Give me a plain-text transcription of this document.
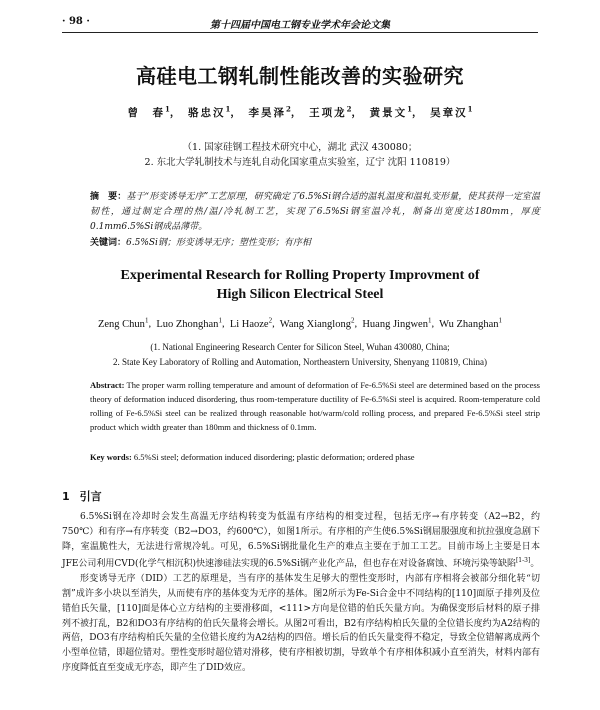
· 98 ·	第十四届中国电工钢专业学术年会论文集
高硅电工钢轧制性能改善的实验研究
曾　春$^1$， 骆忠汉$^1$， 李昊泽$^2$， 王项龙$^2$， 黄景文$^1$， 吴章汉$^1$
（1. 国家硅钢工程技术研究中心，湖北 武汉 430080；
2. 东北大学轧制技术与连轧自动化国家重点实验室，辽宁 沈阳 110819）
摘　要：基于“形变诱导无序”工艺原理，研究确定了6.5%Si钢合适的温轧温度和温轧变形量，使其获得一定室温韧性，通过制定合理的热/温/冷轧制工艺，实现了6.5%Si钢室温冷轧，制备出宽度达180mm，厚度0.1mm6.5%Si钢成品薄带。
关键词：6.5%Si钢；形变诱导无序；塑性变形；有序相
Experimental Research for Rolling Property Improvment of
High Silicon Electrical Steel
Zeng Chun$^1$,  Luo Zhonghan$^1$,  Li Haoze$^2$,  Wang Xianglong$^2$,  Huang Jingwen$^1$,  Wu Zhanghan$^1$
(1. National Engineering Research Center for Silicon Steel, Wuhan 430080, China;
2. State Key Laboratory of Rolling and Automation, Northeastern University, Shenyang 110819, China)
Abstract: The proper warm rolling temperature and amount of deformation of Fe-6.5%Si steel are determined based on the process theory of deformation induced disordering, thus room-temperature ductility of Fe-6.5%Si steel is acquired. Room-temperature cold rolling of Fe-6.5%Si steel can be realized through reasonable hot/warm/cold rolling process, and prepared Fe-6.5%Si steel strip product which width greater than 180mm and thickness of 0.1mm.
Key words: 6.5%Si steel; deformation induced disordering; plastic deformation; ordered phase
1 引言

6.5%Si钢在冷却时会发生高温无序结构转变为低温有序结构的相变过程，包括无序→有序转变（A2→B2，约750℃）和有序→有序转变（B2→DO3，约600℃），如图1所示。有序相的产生使6.5%Si钢屈服强度和抗拉强度急剧下降，室温脆性大，无法进行常规冷轧。可见，6.5%Si钢批量化生产的难点主要在于加工工艺。目前市场上主要是日本JFE公司利用CVD(化学气相沉积)快速渗硅法实现的6.5%Si钢产业化产品，但也存在对设备腐蚀、环境污染等缺陷[1-3]。

形变诱导无序（DID）工艺的原理是，当有序的基体发生足够大的塑性变形时，内部有序相将会被部分细化转“切割”成许多小块以至消失，从而使有序的基体变为无序的基体。图2所示为Fe-Si合金中不同结构的[110]面原子排列及位错伯氏矢量，[110]面是体心立方结构的主要滑移面，<111>方向是位错的伯氏矢量方向。为确保变形后材料的原子排列不被打乱，B2和DO3有序结构的伯氏矢量将会增长。从图2可看出，B2有序结构柏氏矢量的全位错长度约为A2结构的两倍，DO3有序结构柏氏矢量的全位错长度约为A2结构的四倍。增长后的伯氏矢量变得不稳定，导致全位错解离成两个小型单位错，即超位错对。塑性变形时超位错对滑移，使有序相被切割，导致单个有序相体积减小直至消失，材料内部有序度降低直至变成无序态，即产生了DID效应。
